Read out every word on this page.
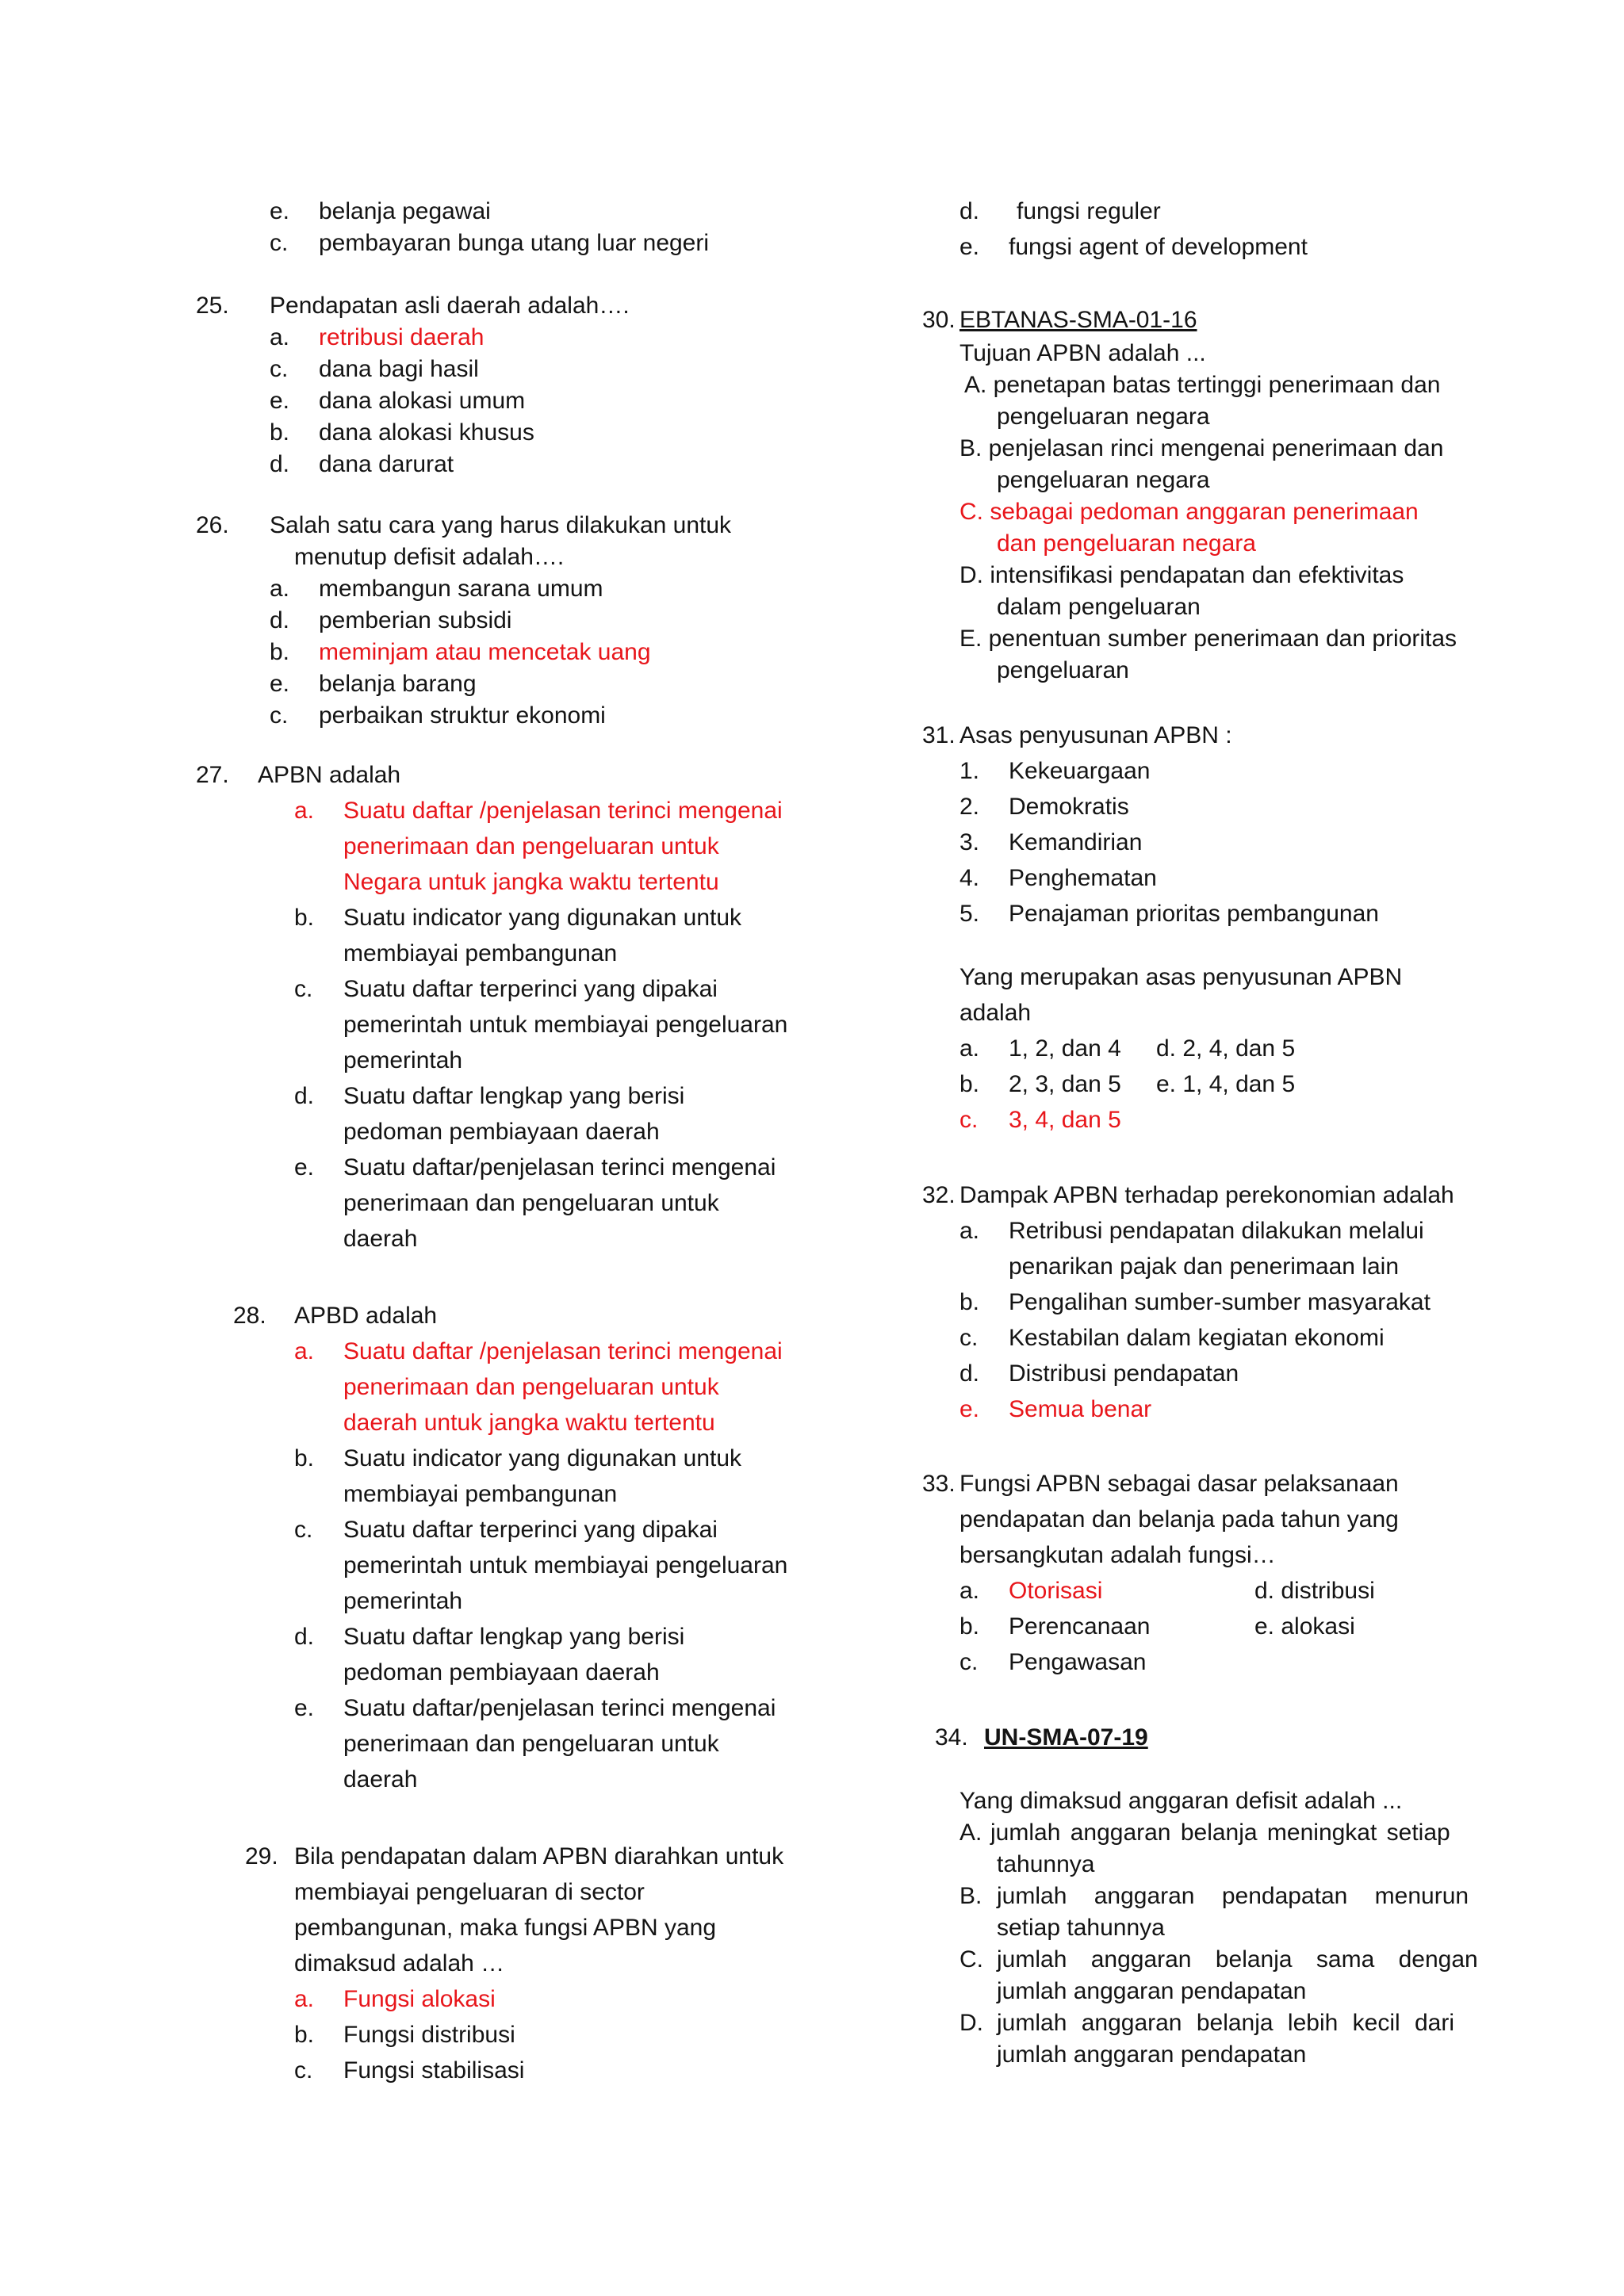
e. belanja pegawai
c. pembayaran bunga utang luar negeri
25. Pendapatan asli daerah adalah….
a. retribusi daerah
c. dana bagi hasil
e. dana alokasi umum
b. dana alokasi khusus
d. dana darurat
26. Salah satu cara yang harus dilakukan untuk
menutup defisit adalah….
a. membangun sarana umum
d. pemberian subsidi
b. meminjam atau mencetak uang
e. belanja barang
c. perbaikan struktur ekonomi
27. APBN adalah
a. Suatu daftar /penjelasan terinci mengenai
penerimaan dan pengeluaran untuk
Negara untuk jangka waktu tertentu
b. Suatu indicator yang digunakan untuk
membiayai pembangunan
c. Suatu daftar terperinci yang dipakai
pemerintah untuk membiayai pengeluaran
pemerintah
d. Suatu daftar lengkap yang berisi
pedoman pembiayaan daerah
e. Suatu daftar/penjelasan terinci mengenai
penerimaan dan pengeluaran untuk
daerah
28. APBD adalah
a. Suatu daftar /penjelasan terinci mengenai
penerimaan dan pengeluaran untuk
daerah untuk jangka waktu tertentu
b. Suatu indicator yang digunakan untuk
membiayai pembangunan
c. Suatu daftar terperinci yang dipakai
pemerintah untuk membiayai pengeluaran
pemerintah
d. Suatu daftar lengkap yang berisi
pedoman pembiayaan daerah
e. Suatu daftar/penjelasan terinci mengenai
penerimaan dan pengeluaran untuk
daerah
29. Bila pendapatan dalam APBN diarahkan untuk
membiayai pengeluaran di sector
pembangunan, maka fungsi APBN yang
dimaksud adalah …
a. Fungsi alokasi
b. Fungsi distribusi
c. Fungsi stabilisasi
d. fungsi reguler
e. fungsi agent of development
30. EBTANAS-SMA-01-16
Tujuan APBN adalah ...
A. penetapan batas tertinggi penerimaan dan
pengeluaran negara
B. penjelasan rinci mengenai penerimaan dan
pengeluaran negara
C. sebagai pedoman anggaran penerimaan
dan pengeluaran negara
D. intensifikasi pendapatan dan efektivitas
dalam pengeluaran
E. penentuan sumber penerimaan dan prioritas
pengeluaran
31. Asas penyusunan APBN :
1. Kekeuargaan
2. Demokratis
3. Kemandirian
4. Penghematan
5. Penajaman prioritas pembangunan
Yang merupakan asas penyusunan APBN
adalah
a. 1, 2, dan 4 d. 2, 4, dan 5
b. 2, 3, dan 5 e. 1, 4, dan 5
c. 3, 4, dan 5
32. Dampak APBN terhadap perekonomian adalah
a. Retribusi pendapatan dilakukan melalui
penarikan pajak dan penerimaan lain
b. Pengalihan sumber-sumber masyarakat
c. Kestabilan dalam kegiatan ekonomi
d. Distribusi pendapatan
e. Semua benar
33. Fungsi APBN sebagai dasar pelaksanaan
pendapatan dan belanja pada tahun yang
bersangkutan adalah fungsi…
a. Otorisasi	d. distribusi
b. Perencanaan	e. alokasi
c. Pengawasan
34. UN-SMA-07-19
Yang dimaksud anggaran defisit adalah ...
A. jumlah anggaran belanja meningkat setiap
tahunnya
B. jumlah anggaran pendapatan menurun
setiap tahunnya
C. jumlah anggaran belanja sama dengan
jumlah anggaran pendapatan
D. jumlah anggaran belanja lebih kecil dari
jumlah anggaran pendapatan
